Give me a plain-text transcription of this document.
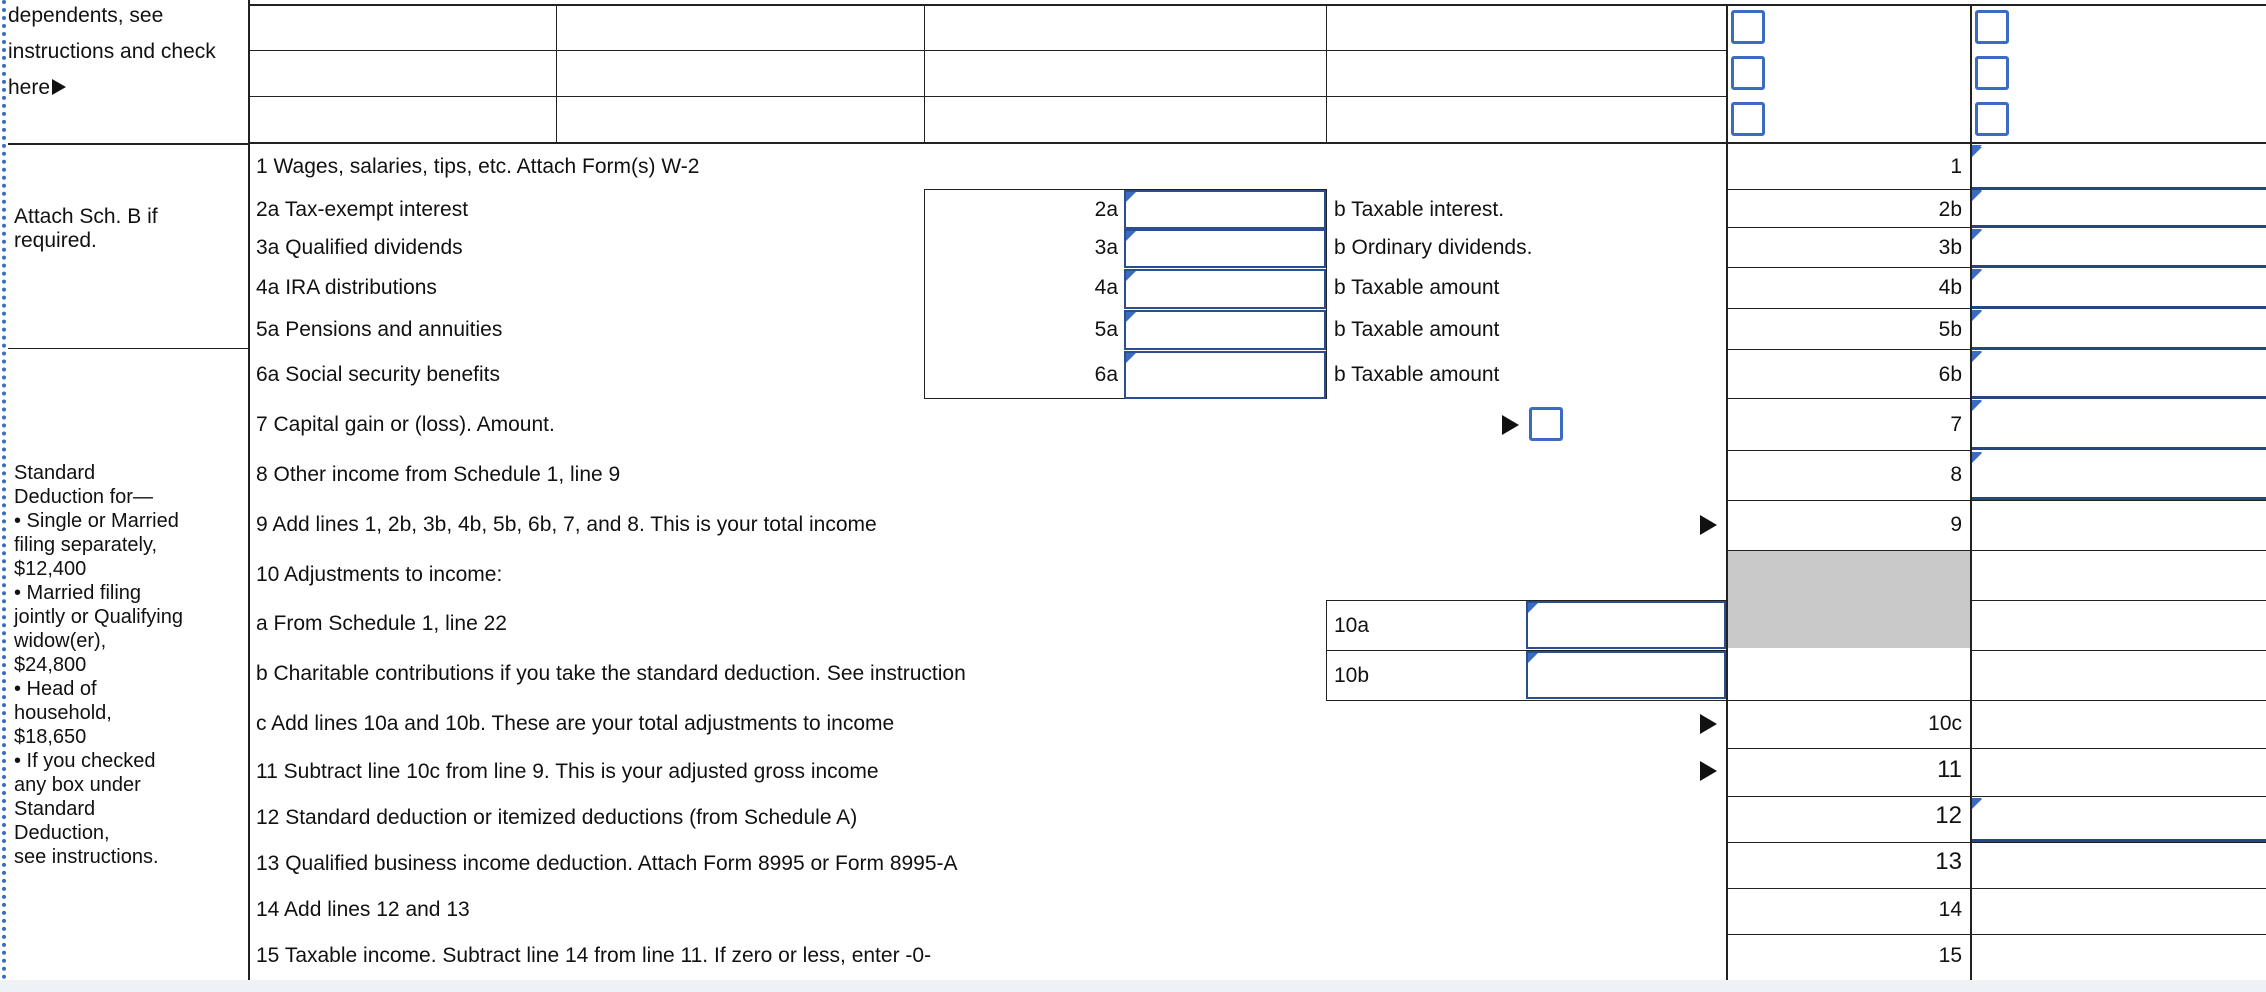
dependents, see
instructions and check
here
Attach Sch. B if
required.
Standard
Deduction for—
• Single or Married
filing separately,
$12,400
• Married filing
jointly or Qualifying
widow(er),
$24,800
• Head of
household,
$18,650
• If you checked
any box under
Standard
Deduction,
see instructions.
1 Wages, salaries, tips, etc. Attach Form(s) W-2	1
2a Tax-exempt interest	2a	b Taxable interest.	2b
3a Qualified dividends	3a	b Ordinary dividends.	3b
4a IRA distributions	4a	b Taxable amount	4b
5a Pensions and annuities	5a	b Taxable amount	5b
6a Social security benefits	6a	b Taxable amount	6b
7 Capital gain or (loss). Amount.	7
8 Other income from Schedule 1, line 9	8
9 Add lines 1, 2b, 3b, 4b, 5b, 6b, 7, and 8. This is your total income	9
10 Adjustments to income:
a From Schedule 1, line 22	10a
b Charitable contributions if you take the standard deduction. See instruction	10b
c Add lines 10a and 10b. These are your total adjustments to income	10c
11 Subtract line 10c from line 9. This is your adjusted gross income	11
12 Standard deduction or itemized deductions (from Schedule A)	12
13 Qualified business income deduction. Attach Form 8995 or Form 8995-A	13
14 Add lines 12 and 13	14
15 Taxable income. Subtract line 14 from line 11. If zero or less, enter -0-	15
